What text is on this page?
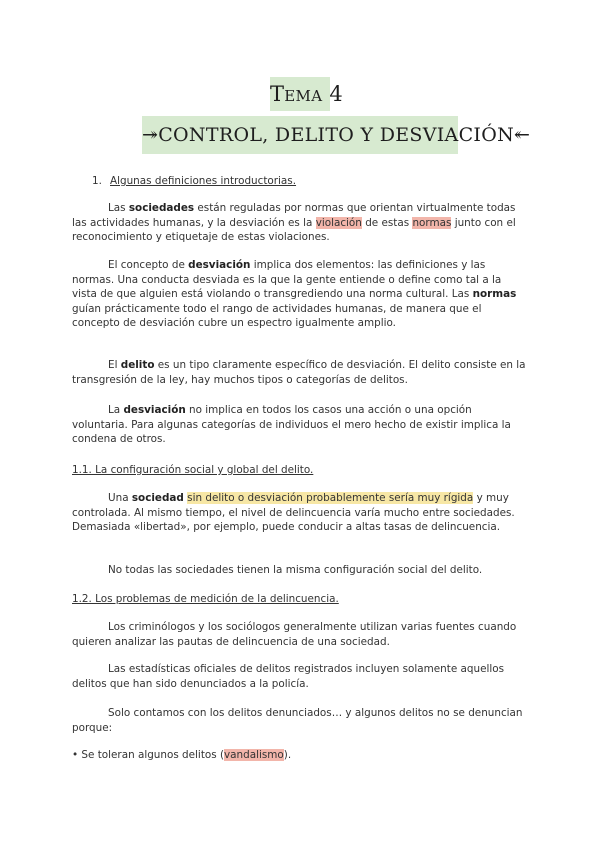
Tema 4
↠CONTROL, DELITO Y DESVIACIÓN↞
1. Algunas definiciones introductorias.

Las sociedades están reguladas por normas que orientan virtualmente todas las actividades humanas, y la desviación es la violación de estas normas junto con el reconocimiento y etiquetaje de estas violaciones.

El concepto de desviación implica dos elementos: las definiciones y las normas. Una conducta desviada es la que la gente entiende o define como tal a la vista de que alguien está violando o transgrediendo una norma cultural. Las normas guían prácticamente todo el rango de actividades humanas, de manera que el concepto de desviación cubre un espectro igualmente amplio.

El delito es un tipo claramente específico de desviación. El delito consiste en la transgresión de la ley, hay muchos tipos o categorías de delitos.

La desviación no implica en todos los casos una acción o una opción voluntaria. Para algunas categorías de individuos el mero hecho de existir implica la condena de otros.

1.1. La configuración social y global del delito.

Una sociedad sin delito o desviación probablemente sería muy rígida y muy controlada. Al mismo tiempo, el nivel de delincuencia varía mucho entre sociedades. Demasiada «libertad», por ejemplo, puede conducir a altas tasas de delincuencia.

No todas las sociedades tienen la misma configuración social del delito.

1.2. Los problemas de medición de la delincuencia.

Los criminólogos y los sociólogos generalmente utilizan varias fuentes cuando quieren analizar las pautas de delincuencia de una sociedad.

Las estadísticas oficiales de delitos registrados incluyen solamente aquellos delitos que han sido denunciados a la policía.

Solo contamos con los delitos denunciados… y algunos delitos no se denuncian porque:

• Se toleran algunos delitos (vandalismo).
